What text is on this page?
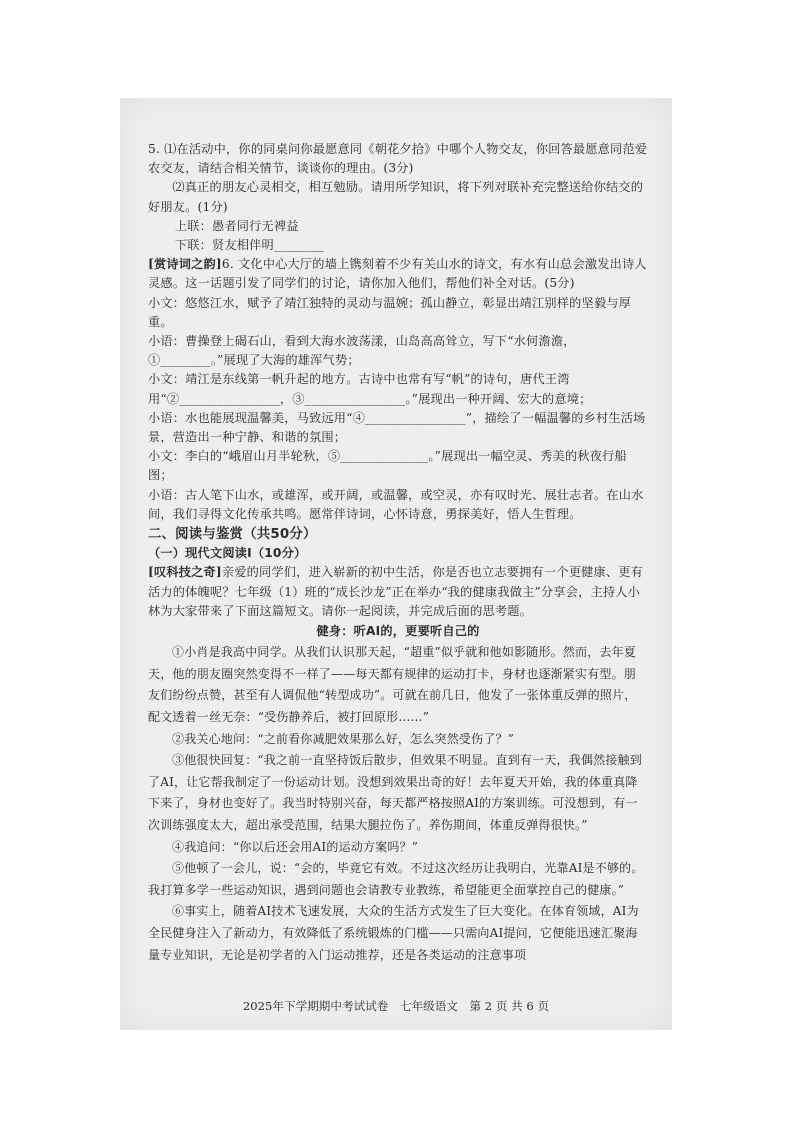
5. ⑴在活动中，你的同桌问你最愿意同《朝花夕拾》中哪个人物交友，你回答最愿意同范爱农交友，请结合相关情节，谈谈你的理由。(3分)

⑵真正的朋友心灵相交，相互勉励。请用所学知识，将下列对联补充完整送给你结交的好朋友。(1分)

上联：愚者同行无裨益

下联：贤友相伴明________

[赏诗词之韵]6. 文化中心大厅的墙上镌刻着不少有关山水的诗文，有水有山总会激发出诗人灵感。这一话题引发了同学们的讨论，请你加入他们，帮他们补全对话。(5分)

小文：悠悠江水，赋予了靖江独特的灵动与温婉；孤山静立，彰显出靖江别样的坚毅与厚重。

小语：曹操登上碣石山，看到大海水波荡漾，山岛高高耸立，写下“水何澹澹，①________。”展现了大海的雄浑气势；

小文：靖江是东线第一帆升起的地方。古诗中也常有写“帆”的诗句，唐代王湾用“②________________，③________________。”展现出一种开阔、宏大的意境；

小语：水也能展现温馨美，马致远用“④________________”，描绘了一幅温馨的乡村生活场景，营造出一种宁静、和谐的氛围；

小文：李白的“峨眉山月半轮秋，⑤______________。”展现出一幅空灵、秀美的秋夜行船图；

小语：古人笔下山水，或雄浑，或开阔，或温馨，或空灵，亦有叹时光、展壮志者。在山水间，我们寻得文化传承共鸣。愿常伴诗词，心怀诗意，勇探美好，悟人生哲理。

二、阅读与鉴赏（共50分）

（一）现代文阅读Ⅰ（10分）

[叹科技之奇]亲爱的同学们，进入崭新的初中生活，你是否也立志要拥有一个更健康、更有活力的体魄呢？七年级（1）班的“成长沙龙”正在举办“我的健康我做主”分享会，主持人小林为大家带来了下面这篇短文。请你一起阅读，并完成后面的思考题。

健身：听AI的，更要听自己的

①小肖是我高中同学。从我们认识那天起，“超重”似乎就和他如影随形。然而，去年夏天，他的朋友圈突然变得不一样了——每天都有规律的运动打卡，身材也逐渐紧实有型。朋友们纷纷点赞，甚至有人调侃他“转型成功”。可就在前几日，他发了一张体重反弹的照片，配文透着一丝无奈：“受伤静养后，被打回原形……”

②我关心地问：“之前看你减肥效果那么好，怎么突然受伤了？”

③他很快回复：“我之前一直坚持饭后散步，但效果不明显。直到有一天，我偶然接触到了AI，让它帮我制定了一份运动计划。没想到效果出奇的好！去年夏天开始，我的体重真降下来了，身材也变好了。我当时特别兴奋，每天都严格按照AI的方案训练。可没想到，有一次训练强度太大，超出承受范围，结果大腿拉伤了。养伤期间，体重反弹得很快。”

④我追问：“你以后还会用AI的运动方案吗？”

⑤他顿了一会儿，说：“会的，毕竟它有效。不过这次经历让我明白，光靠AI是不够的。我打算多学一些运动知识，遇到问题也会请教专业教练，希望能更全面掌控自己的健康。”

⑥事实上，随着AI技术飞速发展，大众的生活方式发生了巨大变化。在体育领域，AI为全民健身注入了新动力，有效降低了系统锻炼的门槛——只需向AI提问，它便能迅速汇聚海量专业知识，无论是初学者的入门运动推荐，还是各类运动的注意事项

2025年下学期期中考试试卷　七年级语文　第 2 页 共 6 页
